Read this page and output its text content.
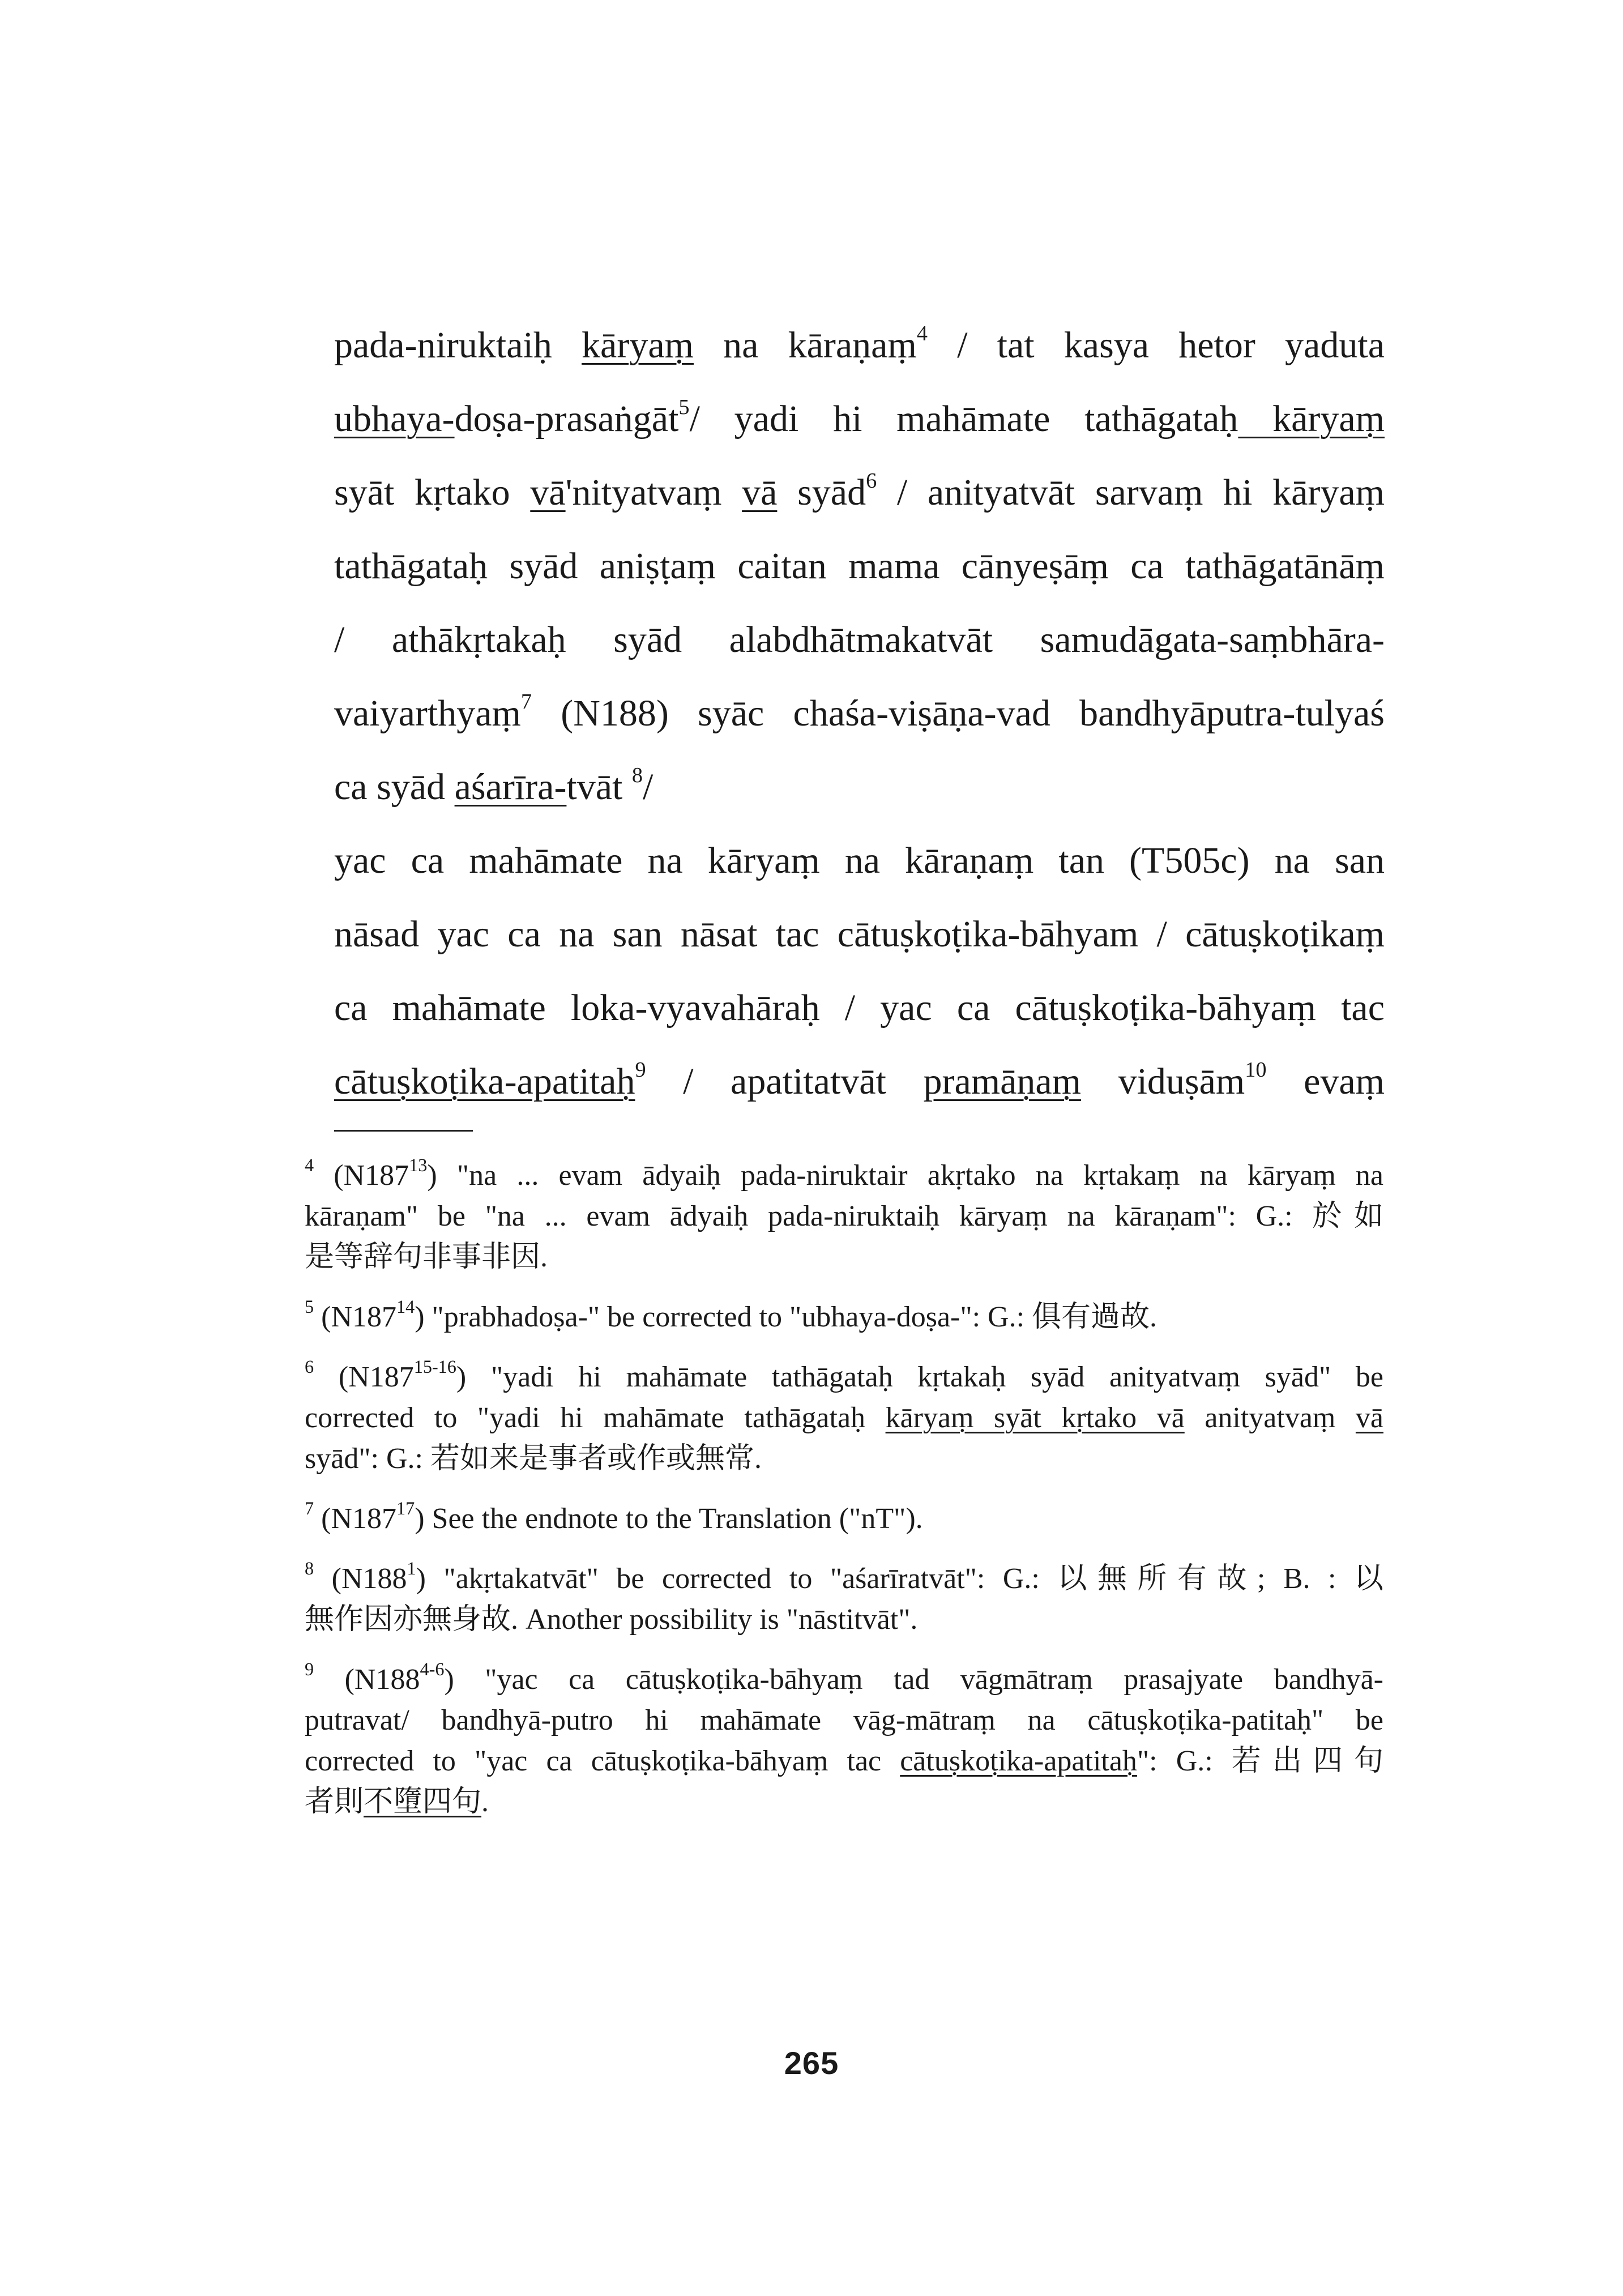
pada-niruktaiḥ kāryaṃ na kāraṇaṃ$^4$ / tat kasya hetor yaduta
ubhaya-doṣa-prasaṅgāt$^5$/ yadi hi mahāmate tathāgataḥ kāryaṃ
syāt kṛtako vā'nityatvaṃ vā syād$^6$ / anityatvāt sarvaṃ hi kāryaṃ
tathāgataḥ syād aniṣṭaṃ caitan mama cānyeṣāṃ ca tathāgatānāṃ
/ athākṛtakaḥ syād alabdhātmakatvāt samudāgata-saṃbhāra-
vaiyarthyaṃ$^7$ (N188) syāc chaśa-viṣāṇa-vad bandhyāputra-tulyaś
ca syād aśarīra-tvāt $^8$/
yac ca mahāmate na kāryaṃ na kāraṇaṃ tan (T505c) na san
nāsad yac ca na san nāsat tac cātuṣkoṭika-bāhyam / cātuṣkoṭikaṃ
ca mahāmate loka-vyavahāraḥ / yac ca cātuṣkoṭika-bāhyaṃ tac
cātuṣkoṭika-apatitaḥ$^9$ / apatitatvāt pramāṇaṃ viduṣām$^{10}$ evaṃ
$^4$ $(N187^{13})$ "na ... evam ādyaiḥ pada-niruktair akṛtako na kṛtakaṃ na kāryaṃ na
kāraṇam" be "na ... evam ādyaiḥ pada-niruktaiḥ kāryaṃ na kāraṇam": G.: 於如
是等辞句非事非因.
$^5$ $(N187^{14})$ "prabhadoṣa-" be corrected to "ubhaya-doṣa-": G.: 俱有過故.
$^6$ (N187$^{15-16}$) "yadi hi mahāmate tathāgataḥ kṛtakaḥ syād anityatvaṃ syād" be
corrected to "yadi hi mahāmate tathāgataḥ kāryaṃ syāt kṛtako vā anityatvaṃ vā
syād": G.: 若如来是事者或作或無常.
$^7$ $(N187^{17})$ See the endnote to the Translation ("nT").
$^8$ $(N188^1)$ "akṛtakatvāt" be corrected to "aśarīratvāt": G.: 以無所有故; B. : 以
無作因亦無身故. Another possibility is "nāstitvāt".
$^9$ (N188$^{4-6}$) "yac ca cātuṣkoṭika-bāhyaṃ tad vāgmātraṃ prasajyate bandhyā-
putravat/ bandhyā-putro hi mahāmate vāg-mātraṃ na cātuṣkoṭika-patitaḥ" be
corrected to "yac ca cātuṣkoṭika-bāhyaṃ tac cātuṣkoṭika-apatitaḥ": G.: 若出四句
者則不墮四句.
265
